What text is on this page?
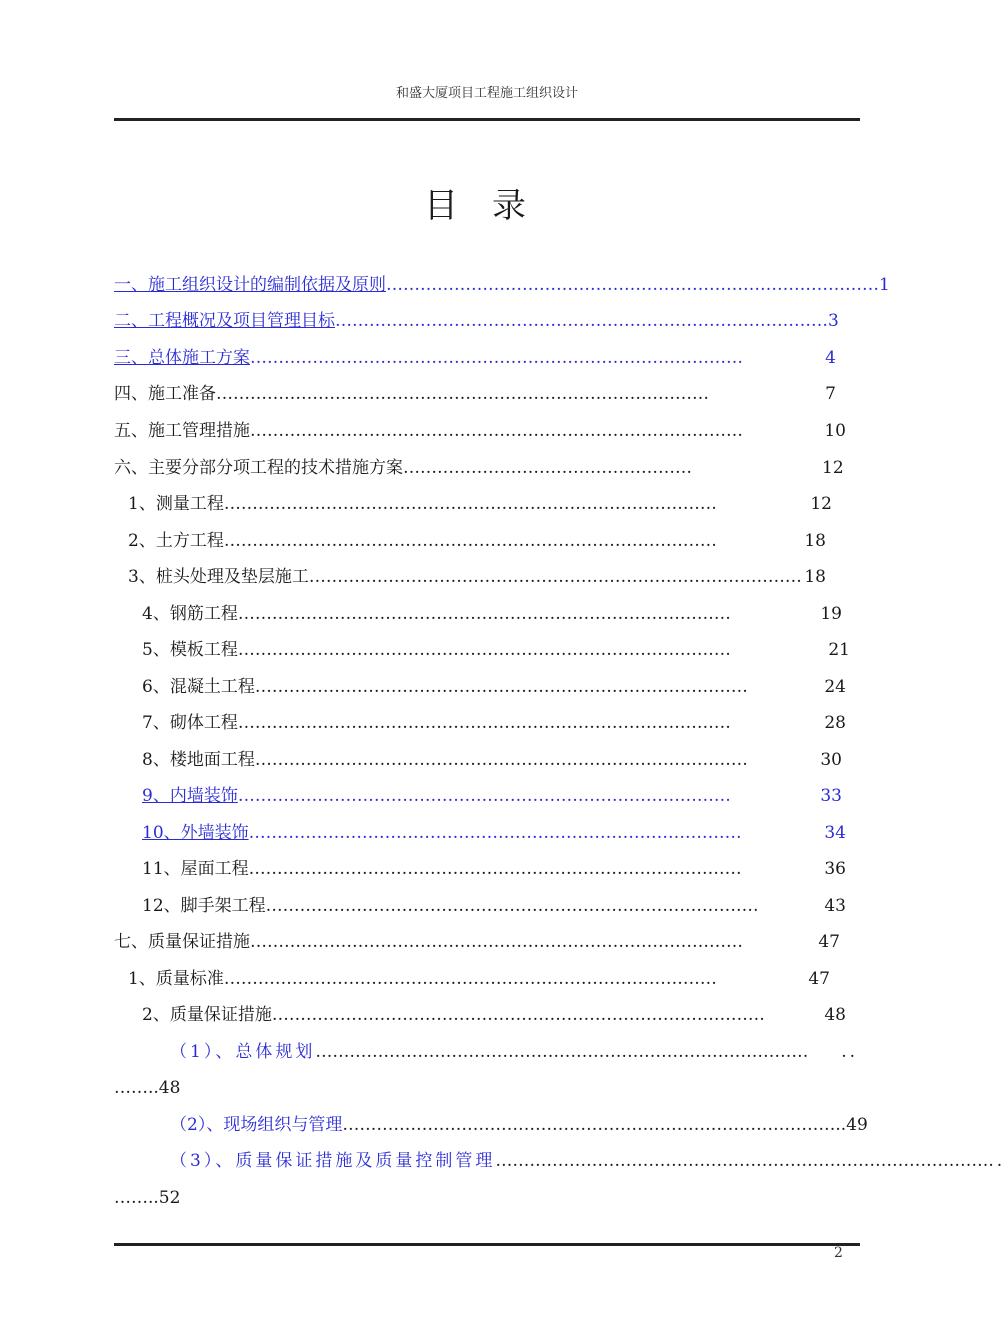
和盛大厦项目工程施工组织设计
目录
一、施工组织设计的编制依据及原则 …………………………………………………………………………… 1
二、工程概况及项目管理目标 …………………………………………………………………………… 3
三、总体施工方案 ……………………………………………………………………………	4
四、施工准备 ……………………………………………………………………………	7
五、施工管理措施 ……………………………………………………………………………	10
六、主要分部分项工程的技术措施方案 ……………………………………………	12
1、测量工程 ……………………………………………………………………………	12
2、土方工程 ……………………………………………………………………………	18
3、桩头处理及垫层施工 …………………………………………………………………………… 18
4、钢筋工程 ……………………………………………………………………………	19
5、模板工程 ……………………………………………………………………………	21
6、混凝土工程 ……………………………………………………………………………	24
7、砌体工程 ……………………………………………………………………………	28
8、楼地面工程 ……………………………………………………………………………	30
9、内墙装饰 ……………………………………………………………………………	33
10、外墙装饰 ……………………………………………………………………………	34
11、屋面工程 ……………………………………………………………………………	36
12、脚手架工程 ……………………………………………………………………………	43
七、质量保证措施 ……………………………………………………………………………	47
1、质量标准 ……………………………………………………………………………	47
2、质量保证措施 ……………………………………………………………………………	48
（1）、总体规划 ……………………………………………………………………………	..
……..48
（2）、现场组织与管理 …………………………………………………………………………… ..49
（3）、质量保证措施及质量控制管理 …………………………………………………………………………… ..
……..52
2
